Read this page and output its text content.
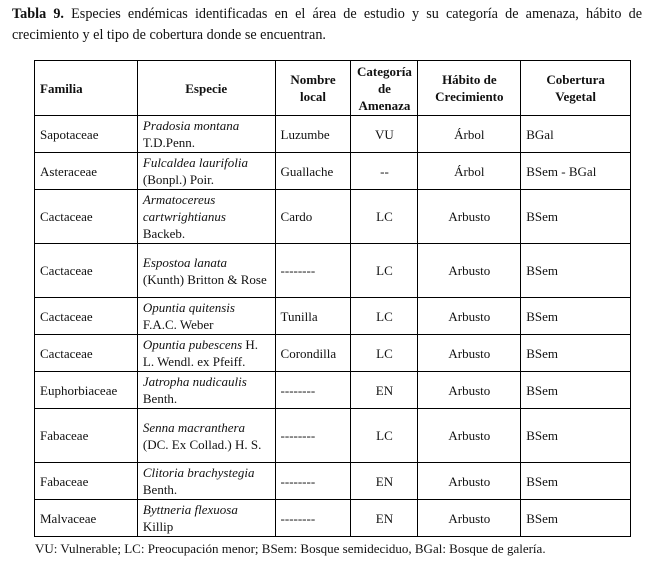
Tabla 9. Especies endémicas identificadas en el área de estudio y su categoría de amenaza, hábito de crecimiento y el tipo de cobertura donde se encuentran.
Familia	Especie	Nombre local	Categoría de Amenaza	Hábito de Crecimiento	Cobertura Vegetal
Sapotaceae	Pradosia montana T.D.Penn.	Luzumbe	VU	Árbol	BGal
Asteraceae	Fulcaldea laurifolia (Bonpl.) Poir.	Guallache	--	Árbol	BSem - BGal
Cactaceae	Armatocereus cartwrightianus Backeb.	Cardo	LC	Arbusto	BSem
Cactaceae	Espostoa lanata (Kunth) Britton & Rose	--------	LC	Arbusto	BSem
Cactaceae	Opuntia quitensis F.A.C. Weber	Tunilla	LC	Arbusto	BSem
Cactaceae	Opuntia pubescens H. L. Wendl. ex Pfeiff.	Corondilla	LC	Arbusto	BSem
Euphorbiaceae	Jatropha nudicaulis Benth.	--------	EN	Arbusto	BSem
Fabaceae	Senna macranthera (DC. Ex Collad.) H. S.	--------	LC	Arbusto	BSem
Fabaceae	Clitoria brachystegia Benth.	--------	EN	Arbusto	BSem
Malvaceae	Byttneria flexuosa Killip	--------	EN	Arbusto	BSem
VU: Vulnerable; LC: Preocupación menor; BSem: Bosque semideciduo, BGal: Bosque de galería.
